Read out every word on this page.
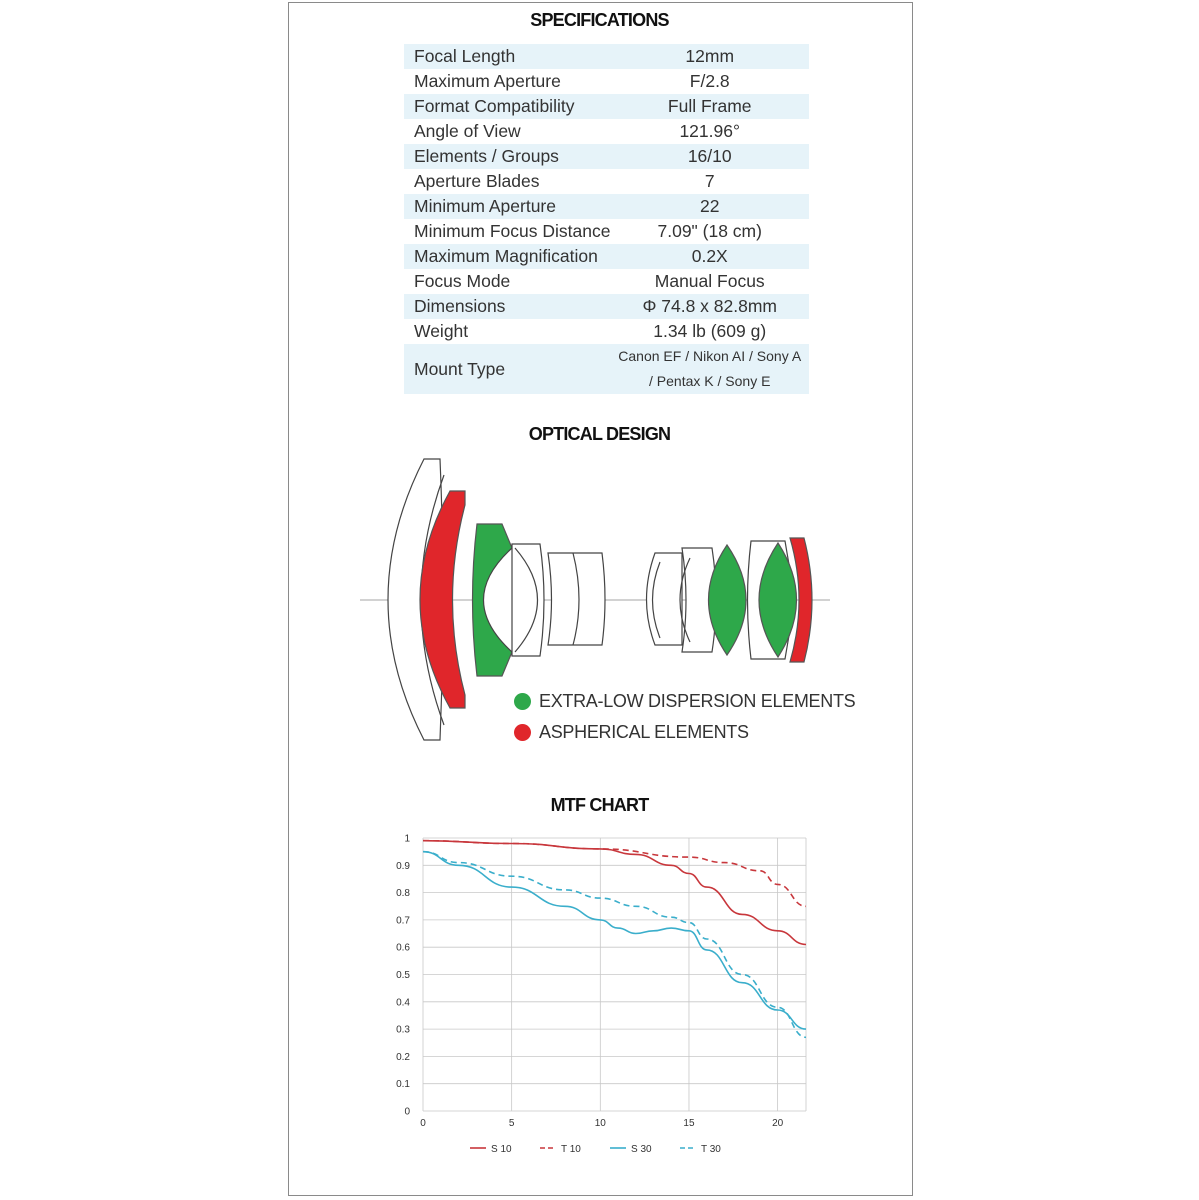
SPECIFICATIONS
Focal Length	12mm
Maximum Aperture	F/2.8
Format Compatibility	Full Frame
Angle of View	121.96°
Elements / Groups	16/10
Aperture Blades	7
Minimum Aperture	22
Minimum Focus Distance	7.09" (18 cm)
Maximum Magnification	0.2X
Focus Mode	Manual Focus
Dimensions	Φ 74.8 x 82.8mm
Weight	1.34 lb (609 g)
Mount Type	Canon EF / Nikon AI / Sony A
/ Pentax K / Sony E
OPTICAL DESIGN
0
0.1
0.2
0.3
0.4
0.5
0.6
0.7
0.8
0.9
1
0	5	10	15	20
S 10	T 10	S 30	T 30
EXTRA-LOW DISPERSION ELEMENTS
ASPHERICAL ELEMENTS
MTF CHART
